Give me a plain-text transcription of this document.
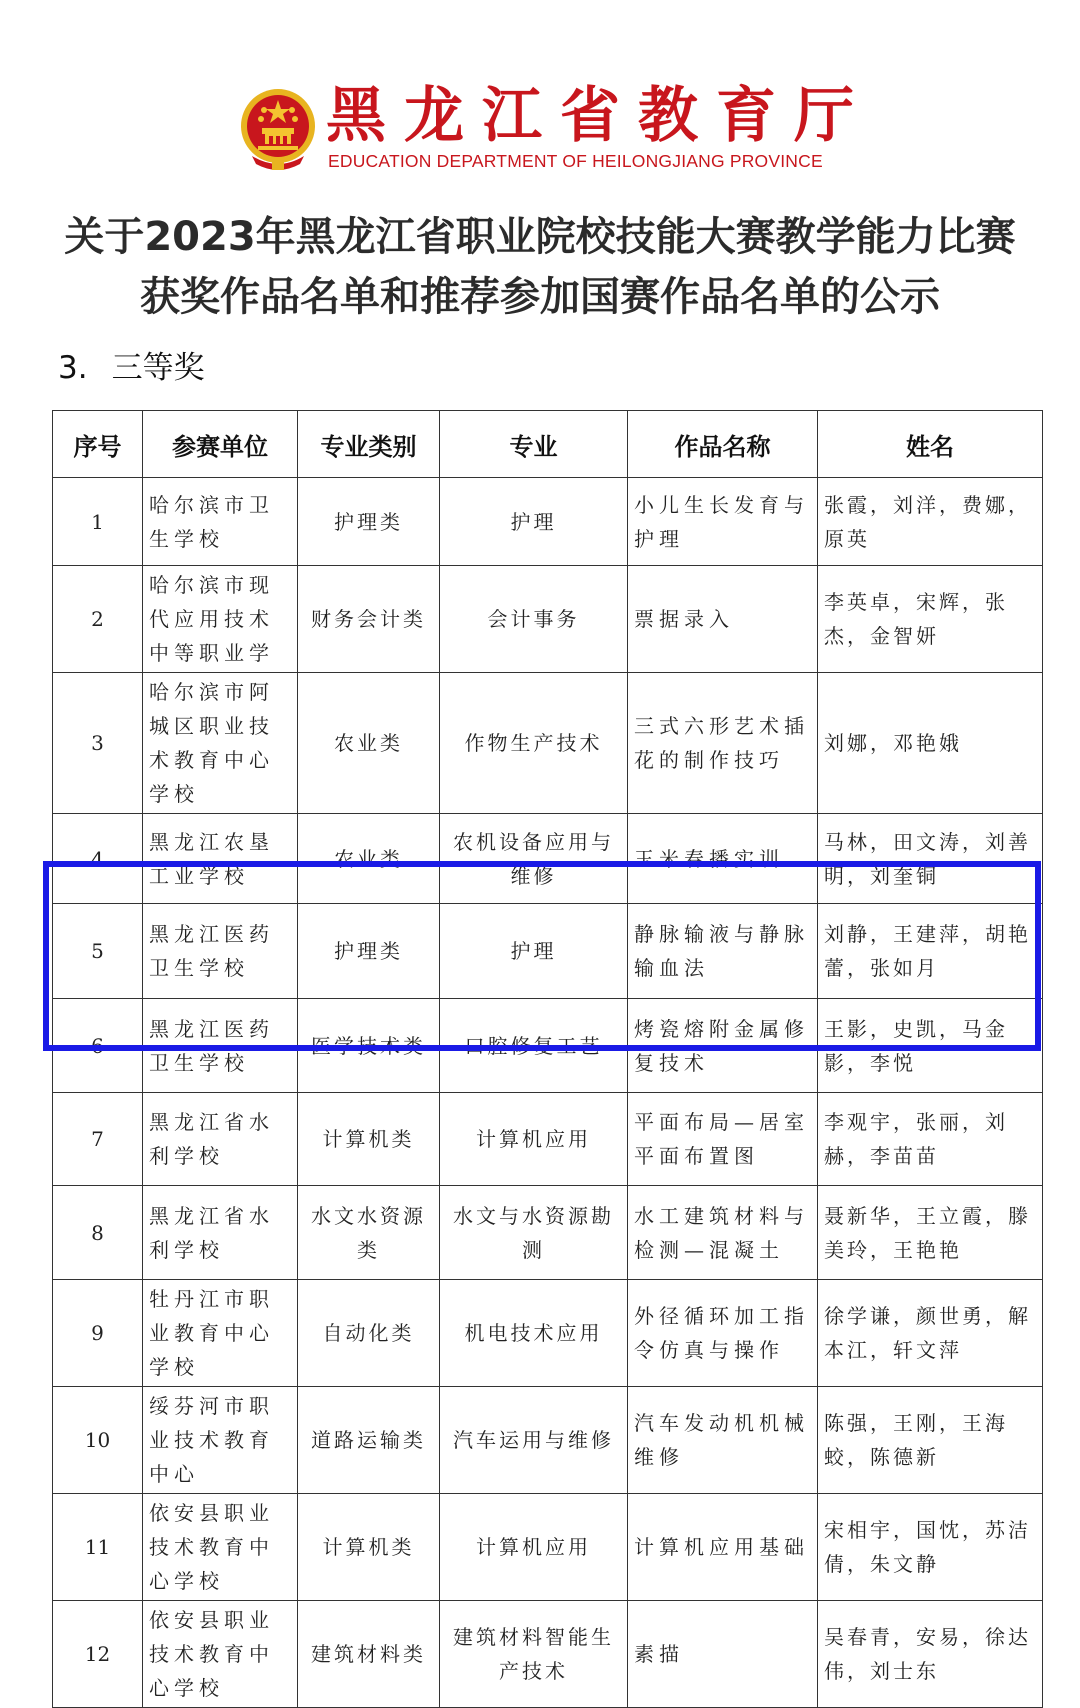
黑龙江省教育厅
EDUCATION DEPARTMENT OF HEILONGJIANG PROVINCE
关于2023年黑龙江省职业院校技能大赛教学能力比赛
获奖作品名单和推荐参加国赛作品名单的公示
3. 三等奖
序号	参赛单位	专业类别	专业	作品名称	姓名
1	哈尔滨市卫生学校	护理类	护理	小儿生长发育与护理	张霞，刘洋，费娜，原英
2	哈尔滨市现代应用技术中等职业学	财务会计类	会计事务	票据录入	李英卓，宋辉，张杰，金智妍
3	哈尔滨市阿城区职业技术教育中心学校	农业类	作物生产技术	三式六形艺术插花的制作技巧	刘娜，邓艳娥
4	黑龙江农垦工业学校	农业类	农机设备应用与维修	玉米春播实训	马林，田文涛，刘善明，刘奎铜
5	黑龙江医药卫生学校	护理类	护理	静脉输液与静脉输血法	刘静，王建萍，胡艳蕾，张如月
6	黑龙江医药卫生学校	医学技术类	口腔修复工艺	烤瓷熔附金属修复技术	王影，史凯，马金影，李悦
7	黑龙江省水利学校	计算机类	计算机应用	平面布局—居室平面布置图	李观宇，张丽，刘赫，李苗苗
8	黑龙江省水利学校	水文水资源类	水文与水资源勘测	水工建筑材料与检测—混凝土	聂新华，王立霞，滕美玲，王艳艳
9	牡丹江市职业教育中心学校	自动化类	机电技术应用	外径循环加工指令仿真与操作	徐学谦，颜世勇，解本江，轩文萍
10	绥芬河市职业技术教育中心	道路运输类	汽车运用与维修	汽车发动机机械维修	陈强，王刚，王海蛟，陈德新
11	依安县职业技术教育中心学校	计算机类	计算机应用	计算机应用基础	宋相宇，国忱，苏洁倩，朱文静
12	依安县职业技术教育中心学校	建筑材料类	建筑材料智能生产技术	素描	吴春青，安易，徐达伟，刘士东
